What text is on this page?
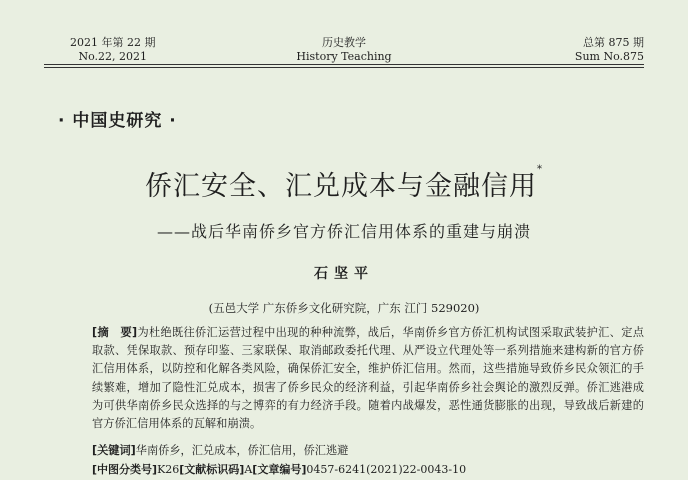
2021 年第 22 期
No.22, 2021
历史教学
History Teaching
总第 875 期
Sum No.875
· 中国史研究 ·
侨汇安全、汇兑成本与金融信用*
——战后华南侨乡官方侨汇信用体系的重建与崩溃
石坚平
(五邑大学 广东侨乡文化研究院，广东 江门 529020)
[摘　要]为杜绝既往侨汇运营过程中出现的种种流弊，战后，华南侨乡官方侨汇机构试图采取武装护汇、定点取款、凭保取款、预存印鉴、三家联保、取消邮政委托代理、从严设立代理处等一系列措施来建构新的官方侨汇信用体系，以防控和化解各类风险，确保侨汇安全，维护侨汇信用。然而，这些措施导致侨乡民众领汇的手续繁难，增加了隐性汇兑成本，损害了侨乡民众的经济利益，引起华南侨乡社会舆论的激烈反弹。侨汇逃港成为可供华南侨乡民众选择的与之博弈的有力经济手段。随着内战爆发，恶性通货膨胀的出现，导致战后新建的官方侨汇信用体系的瓦解和崩溃。
[关键词]华南侨乡，汇兑成本，侨汇信用，侨汇逃避
[中图分类号]K26[文献标识码]A[文章编号]0457-6241(2021)22-0043-10
